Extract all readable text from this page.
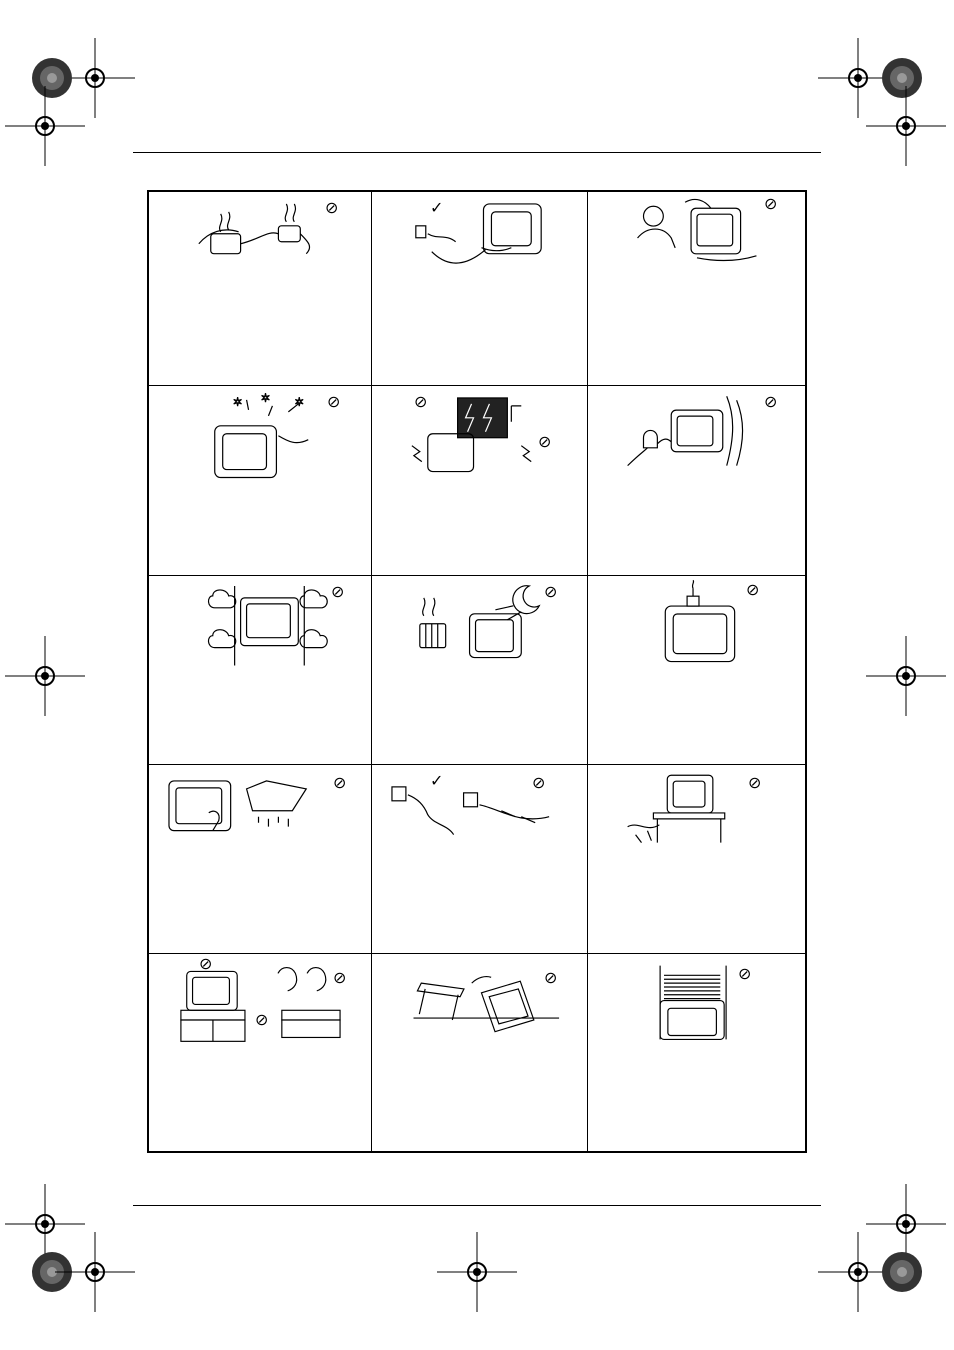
⊘	✓	⊘
✶ ✶ ✶ ⊘	⊘
⊘
⊘
⊘	⊘	⊘
⊘	✓	⊘	⊘
⊘
⊘
⊘
⊘	⊘
